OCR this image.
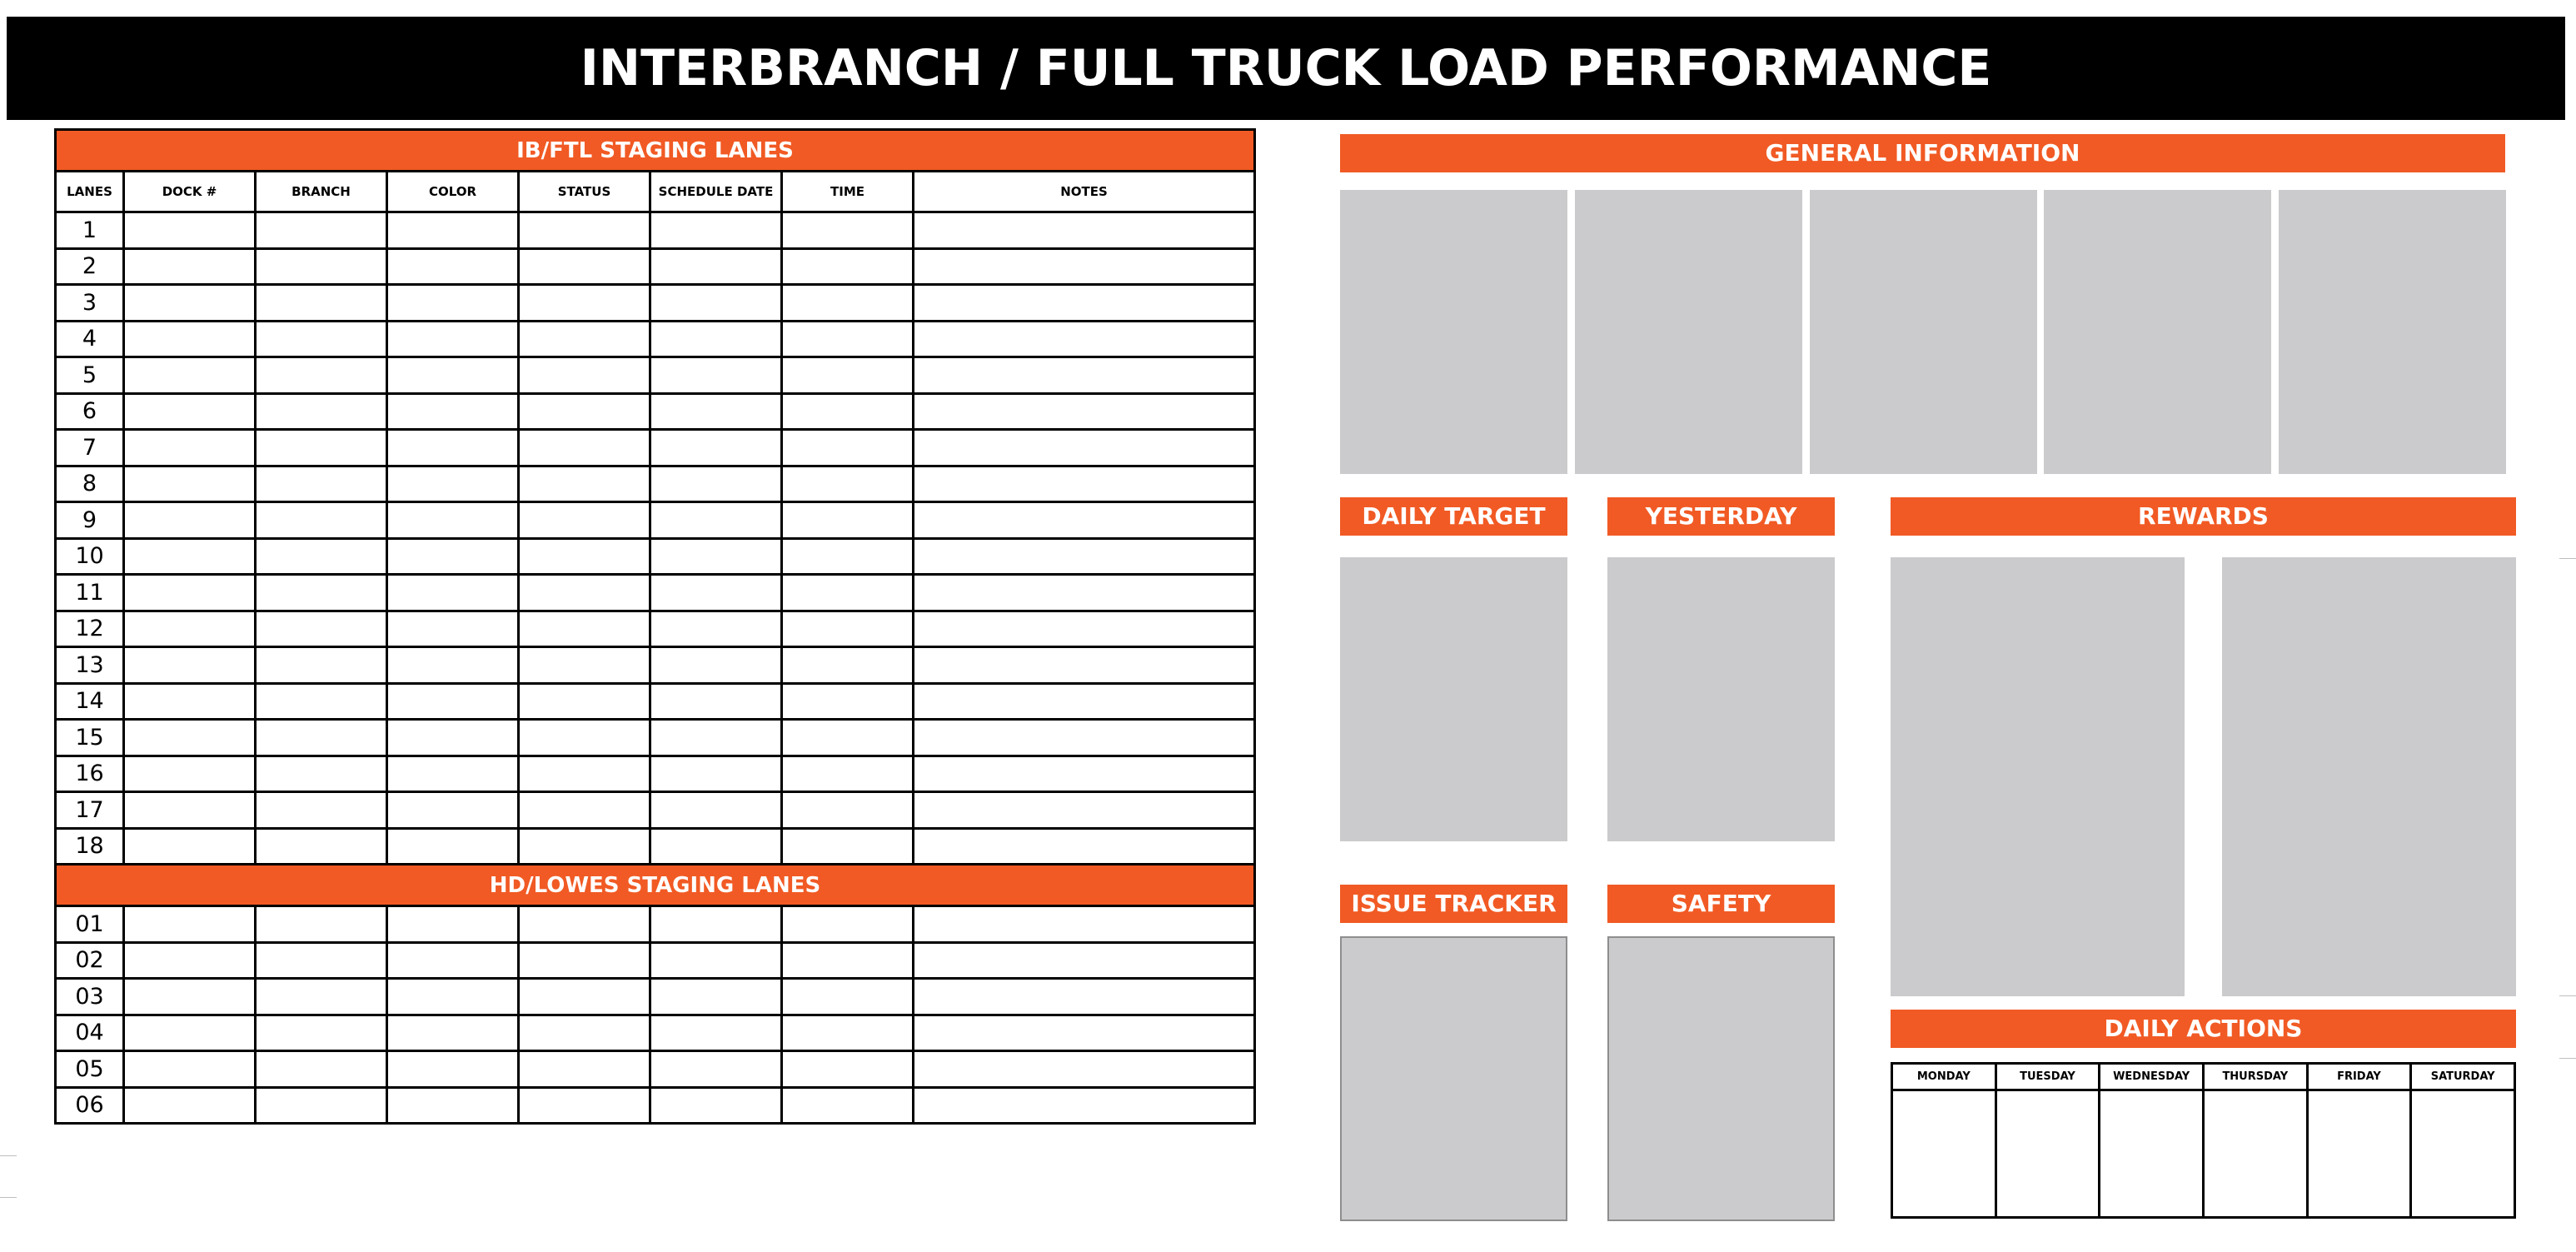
INTERBRANCH / FULL TRUCK LOAD PERFORMANCE
IB/FTL STAGING LANES							
LANES	DOCK #	BRANCH	COLOR	STATUS	SCHEDULE DATE	TIME	NOTES
1							
2							
3							
4							
5							
6							
7							
8							
9							
10							
11							
12							
13							
14							
15							
16							
17							
18							
HD/LOWES STAGING LANES							
01							
02							
03							
04							
05							
06							
GENERAL INFORMATION
DAILY TARGET	YESTERDAY	REWARDS
ISSUE TRACKER	SAFETY
DAILY ACTIONS
MONDAY	TUESDAY	WEDNESDAY	THURSDAY	FRIDAY	SATURDAY
